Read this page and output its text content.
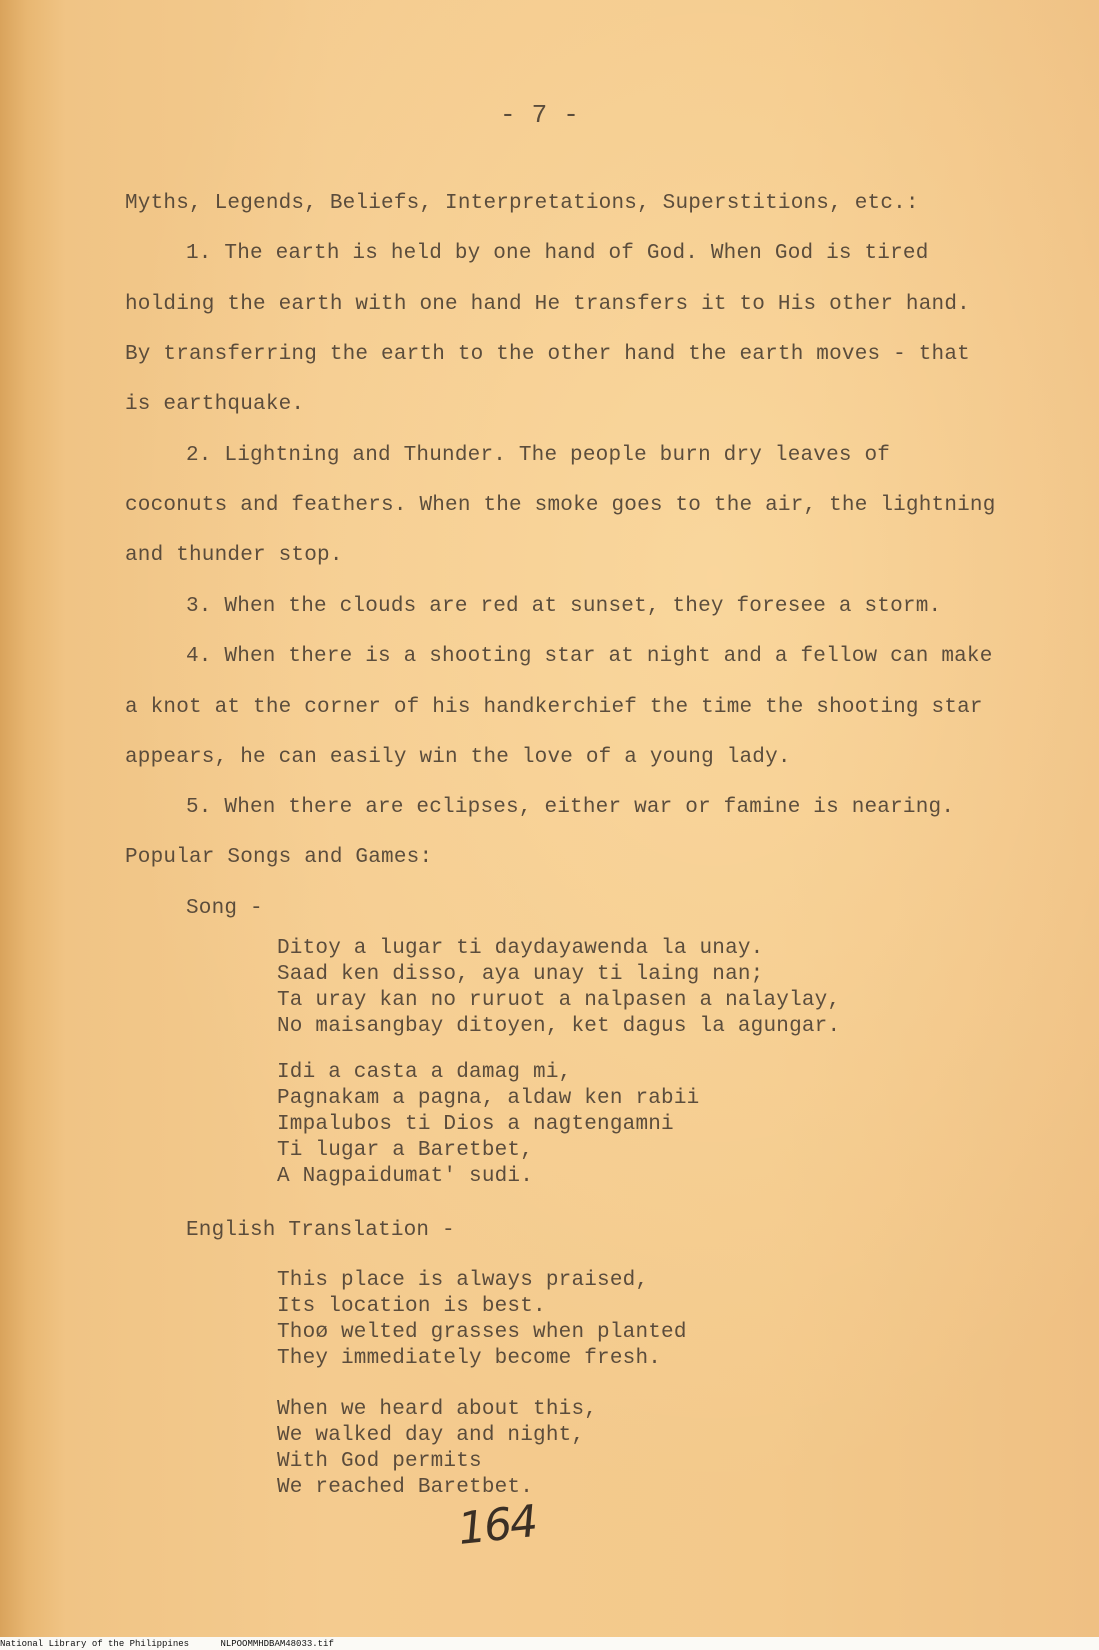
- 7 -
Myths, Legends, Beliefs, Interpretations, Superstitions, etc.:
1. The earth is held by one hand of God. When God is tired
holding the earth with one hand He transfers it to His other hand.
By transferring the earth to the other hand the earth moves - that
is earthquake.
2. Lightning and Thunder. The people burn dry leaves of
coconuts and feathers. When the smoke goes to the air, the lightning
and thunder stop.
3. When the clouds are red at sunset, they foresee a storm.
4. When there is a shooting star at night and a fellow can make
a knot at the corner of his handkerchief the time the shooting star
appears, he can easily win the love of a young lady.
5. When there are eclipses, either war or famine is nearing.
Popular Songs and Games:
Song -
Ditoy a lugar ti daydayawenda la unay.
Saad ken disso, aya unay ti laing nan;
Ta uray kan no ruruot a nalpasen a nalaylay,
No maisangbay ditoyen, ket dagus la agungar.
Idi a casta a damag mi,
Pagnakam a pagna, aldaw ken rabii
Impalubos ti Dios a nagtengamni
Ti lugar a Baretbet,
A Nagpaidumat' sudi.
English Translation -
This place is always praised,
Its location is best.
Thoø welted grasses when planted
They immediately become fresh.
When we heard about this,
We walked day and night,
With God permits
We reached Baretbet.
164
National Library of the Philippines	NLPOOMMHDBAM48033.tif
